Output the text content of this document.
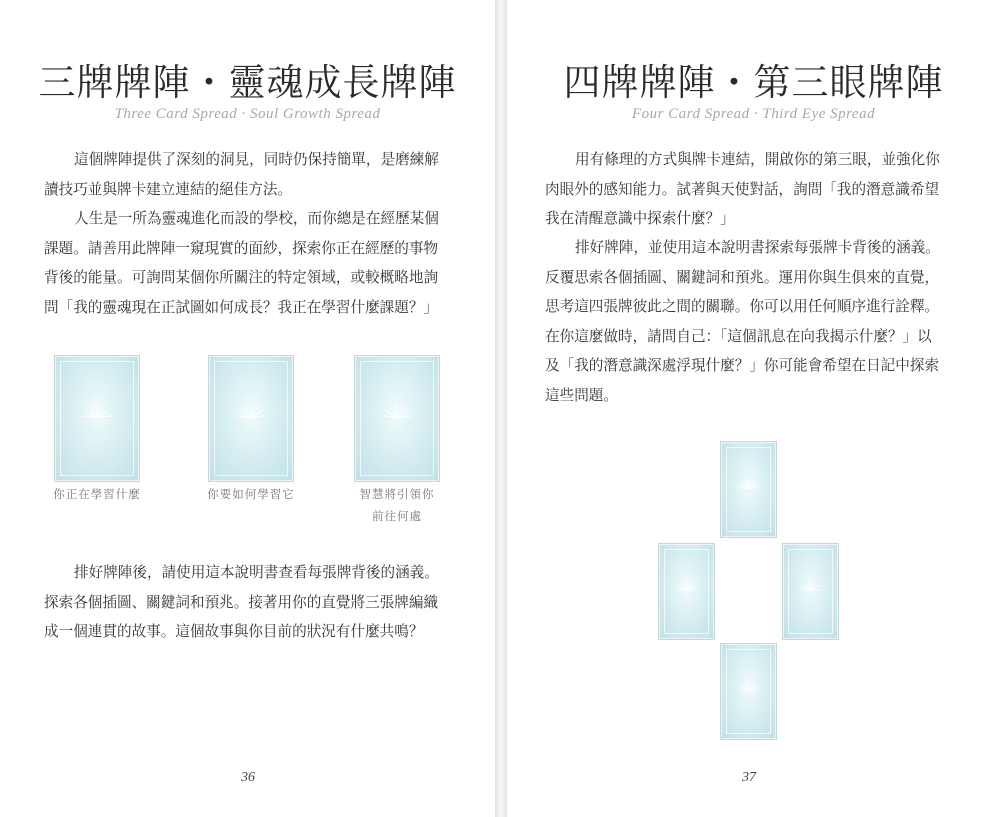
三牌牌陣・靈魂成長牌陣
Three Card Spread · Soul Growth Spread
這個牌陣提供了深刻的洞見，同時仍保持簡單，是磨練解
讀技巧並與牌卡建立連結的絕佳方法。
人生是一所為靈魂進化而設的學校，而你總是在經歷某個
課題。請善用此牌陣一窺現實的面紗，探索你正在經歷的事物
背後的能量。可詢問某個你所關注的特定領域，或較概略地詢
問「我的靈魂現在正試圖如何成長？我正在學習什麼課題？」
你正在學習什麼	你要如何學習它	智慧將引領你
前往何處
排好牌陣後，請使用這本說明書查看每張牌背後的涵義。
探索各個插圖、關鍵詞和預兆。接著用你的直覺將三張牌編織
成一個連貫的故事。這個故事與你目前的狀況有什麼共鳴？
36
四牌牌陣・第三眼牌陣
Four Card Spread · Third Eye Spread
用有條理的方式與牌卡連結，開啟你的第三眼，並強化你
肉眼外的感知能力。試著與天使對話，詢問「我的潛意識希望
我在清醒意識中探索什麼？」
排好牌陣，並使用這本說明書探索每張牌卡背後的涵義。
反覆思索各個插圖、關鍵詞和預兆。運用你與生俱來的直覺，
思考這四張牌彼此之間的關聯。你可以用任何順序進行詮釋。
在你這麼做時，請問自己：「這個訊息在向我揭示什麼？」以
及「我的潛意識深處浮現什麼？」你可能會希望在日記中探索
這些問題。
37
